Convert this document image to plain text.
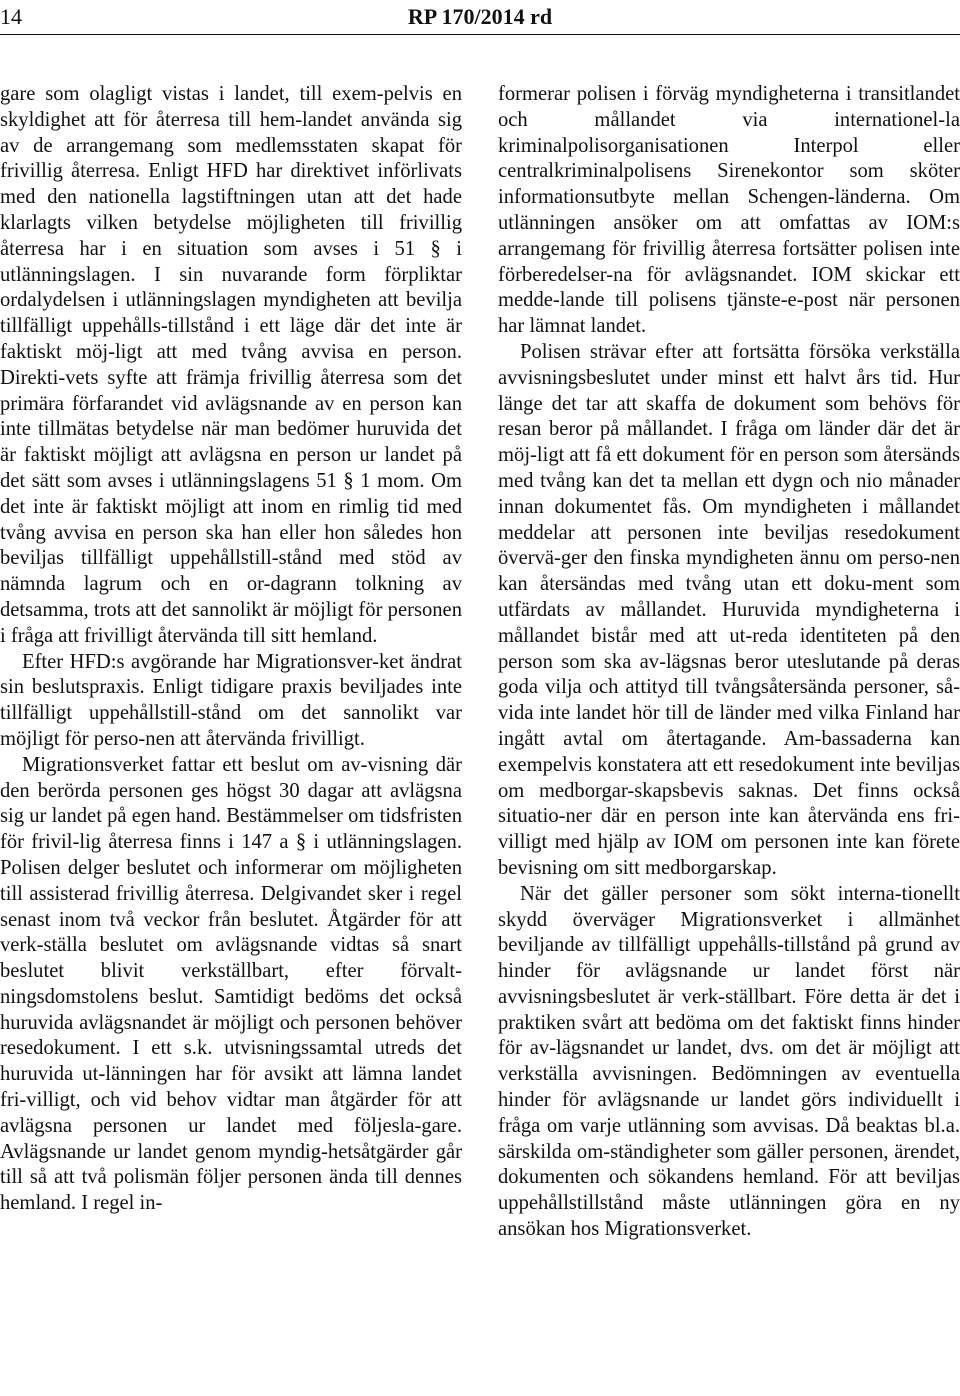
14	RP 170/2014 rd

gare som olagligt vistas i landet, till exem-pelvis en skyldighet att för återresa till hem-landet använda sig av de arrangemang som medlemsstaten skapat för frivillig återresa. Enligt HFD har direktivet införlivats med den nationella lagstiftningen utan att det hade klarlagts vilken betydelse möjligheten till frivillig återresa har i en situation som avses i 51 § i utlänningslagen. I sin nuvarande form förpliktar ordalydelsen i utlänningslagen myndigheten att bevilja tillfälligt uppehålls-tillstånd i ett läge där det inte är faktiskt möj-ligt att med tvång avvisa en person. Direkti-vets syfte att främja frivillig återresa som det primära förfarandet vid avlägsnande av en person kan inte tillmätas betydelse när man bedömer huruvida det är faktiskt möjligt att avlägsna en person ur landet på det sätt som avses i utlänningslagens 51 § 1 mom. Om det inte är faktiskt möjligt att inom en rimlig tid med tvång avvisa en person ska han eller hon således hon beviljas tillfälligt uppehållstill-stånd med stöd av nämnda lagrum och en or-dagrann tolkning av detsamma, trots att det sannolikt är möjligt för personen i fråga att frivilligt återvända till sitt hemland.

Efter HFD:s avgörande har Migrationsver-ket ändrat sin beslutspraxis. Enligt tidigare praxis beviljades inte tillfälligt uppehållstill-stånd om det sannolikt var möjligt för perso-nen att återvända frivilligt.

Migrationsverket fattar ett beslut om av-visning där den berörda personen ges högst 30 dagar att avlägsna sig ur landet på egen hand. Bestämmelser om tidsfristen för frivil-lig återresa finns i 147 a § i utlänningslagen. Polisen delger beslutet och informerar om möjligheten till assisterad frivillig återresa. Delgivandet sker i regel senast inom två veckor från beslutet. Åtgärder för att verk-ställa beslutet om avlägsnande vidtas så snart beslutet blivit verkställbart, efter förvalt-ningsdomstolens beslut. Samtidigt bedöms det också huruvida avlägsnandet är möjligt och personen behöver resedokument. I ett s.k. utvisningssamtal utreds det huruvida ut-länningen har för avsikt att lämna landet fri-villigt, och vid behov vidtar man åtgärder för att avlägsna personen ur landet med följesla-gare. Avlägsnande ur landet genom myndig-hetsåtgärder går till så att två polismän följer personen ända till dennes hemland. I regel in-

formerar polisen i förväg myndigheterna i transitlandet och mållandet via internationel-la kriminalpolisorganisationen Interpol eller centralkriminalpolisens Sirenekontor som sköter informationsutbyte mellan Schengen-länderna. Om utlänningen ansöker om att omfattas av IOM:s arrangemang för frivillig återresa fortsätter polisen inte förberedelser-na för avlägsnandet. IOM skickar ett medde-lande till polisens tjänste-e-post när personen har lämnat landet.

Polisen strävar efter att fortsätta försöka verkställa avvisningsbeslutet under minst ett halvt års tid. Hur länge det tar att skaffa de dokument som behövs för resan beror på mållandet. I fråga om länder där det är möj-ligt att få ett dokument för en person som återsänds med tvång kan det ta mellan ett dygn och nio månader innan dokumentet fås. Om myndigheten i mållandet meddelar att personen inte beviljas resedokument övervä-ger den finska myndigheten ännu om perso-nen kan återsändas med tvång utan ett doku-ment som utfärdats av mållandet. Huruvida myndigheterna i mållandet bistår med att ut-reda identiteten på den person som ska av-lägsnas beror uteslutande på deras goda vilja och attityd till tvångsåtersända personer, så-vida inte landet hör till de länder med vilka Finland har ingått avtal om återtagande. Am-bassaderna kan exempelvis konstatera att ett resedokument inte beviljas om medborgar-skapsbevis saknas. Det finns också situatio-ner där en person inte kan återvända ens fri-villigt med hjälp av IOM om personen inte kan förete bevisning om sitt medborgarskap.

När det gäller personer som sökt interna-tionellt skydd överväger Migrationsverket i allmänhet beviljande av tillfälligt uppehålls-tillstånd på grund av hinder för avlägsnande ur landet först när avvisningsbeslutet är verk-ställbart. Före detta är det i praktiken svårt att bedöma om det faktiskt finns hinder för av-lägsnandet ur landet, dvs. om det är möjligt att verkställa avvisningen. Bedömningen av eventuella hinder för avlägsnande ur landet görs individuellt i fråga om varje utlänning som avvisas. Då beaktas bl.a. särskilda om-ständigheter som gäller personen, ärendet, dokumenten och sökandens hemland. För att beviljas uppehållstillstånd måste utlänningen göra en ny ansökan hos Migrationsverket.
